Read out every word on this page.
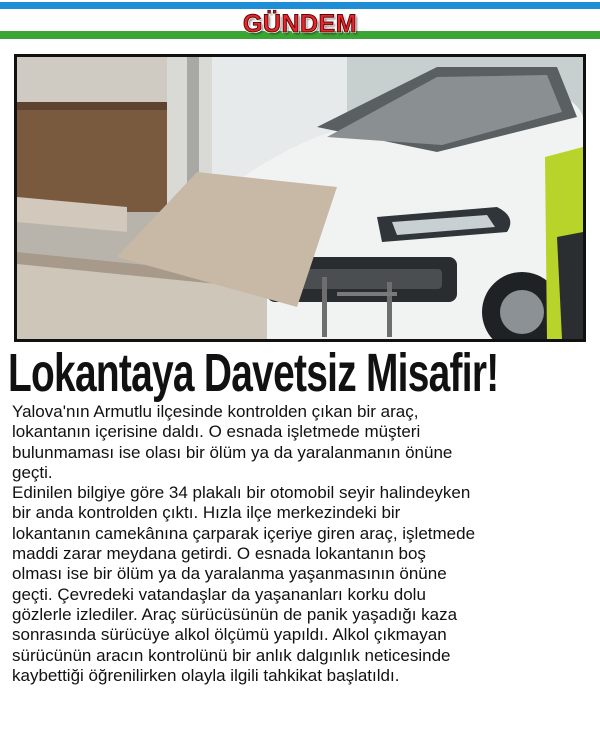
GÜNDEM
Lokantaya Davetsiz Misafir!

Yalova'nın Armutlu ilçesinde kontrolden çıkan bir araç,

lokantanın içerisine daldı. O esnada işletmede müşteri

bulunmaması ise olası bir ölüm ya da yaralanmanın önüne

geçti.

Edinilen bilgiye göre 34 plakalı bir otomobil seyir halindeyken

bir anda kontrolden çıktı. Hızla ilçe merkezindeki bir

lokantanın camekânına çarparak içeriye giren araç, işletmede

maddi zarar meydana getirdi. O esnada lokantanın boş

olması ise bir ölüm ya da yaralanma yaşanmasının önüne

geçti. Çevredeki vatandaşlar da yaşananları korku dolu

gözlerle izlediler. Araç sürücüsünün de panik yaşadığı kaza

sonrasında sürücüye alkol ölçümü yapıldı. Alkol çıkmayan

sürücünün aracın kontrolünü bir anlık dalgınlık neticesinde

kaybettiği öğrenilirken olayla ilgili tahkikat başlatıldı.
